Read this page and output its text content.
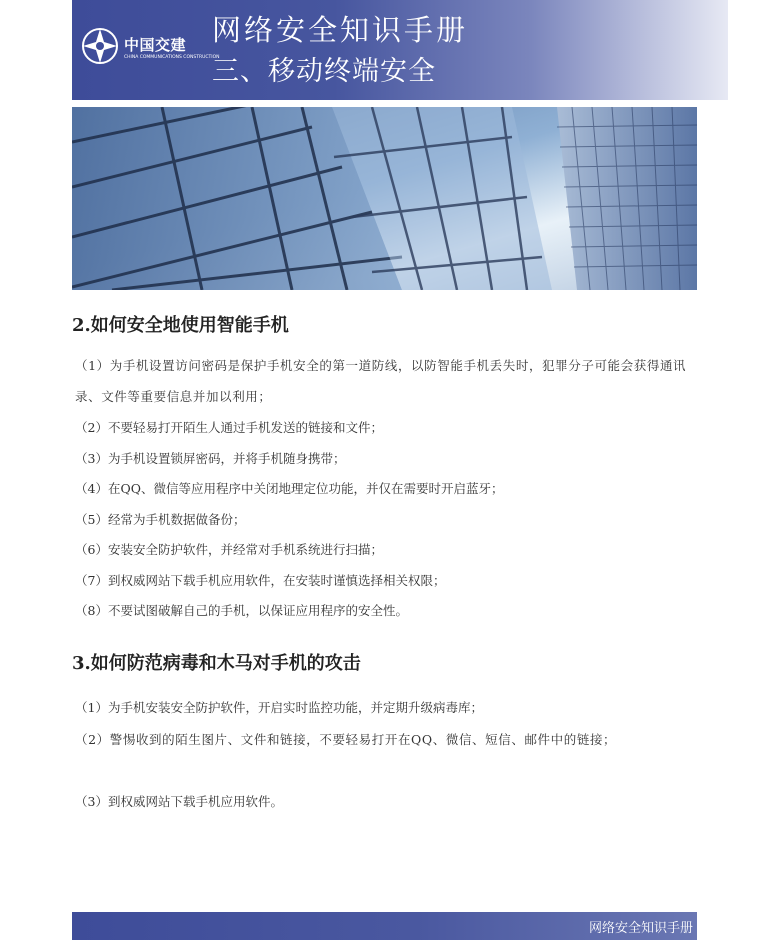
中国交建
CHINA COMMUNICATIONS CONSTRUCTION
网络安全知识手册
三、移动终端安全
2.如何安全地使用智能手机
（1）为手机设置访问密码是保护手机安全的第一道防线，以防智能手机丢失时，犯罪分子可能会获得通讯录、文件等重要信息并加以利用；
（2）不要轻易打开陌生人通过手机发送的链接和文件；
（3）为手机设置锁屏密码，并将手机随身携带；
（4）在QQ、微信等应用程序中关闭地理定位功能，并仅在需要时开启蓝牙；
（5）经常为手机数据做备份；
（6）安装安全防护软件，并经常对手机系统进行扫描；
（7）到权威网站下载手机应用软件，在安装时谨慎选择相关权限；
（8）不要试图破解自己的手机，以保证应用程序的安全性。
3.如何防范病毒和木马对手机的攻击
（1）为手机安装安全防护软件，开启实时监控功能，并定期升级病毒库；
（2）警惕收到的陌生图片、文件和链接，不要轻易打开在QQ、微信、短信、邮件中的链接；
（3）到权威网站下载手机应用软件。
网络安全知识手册
